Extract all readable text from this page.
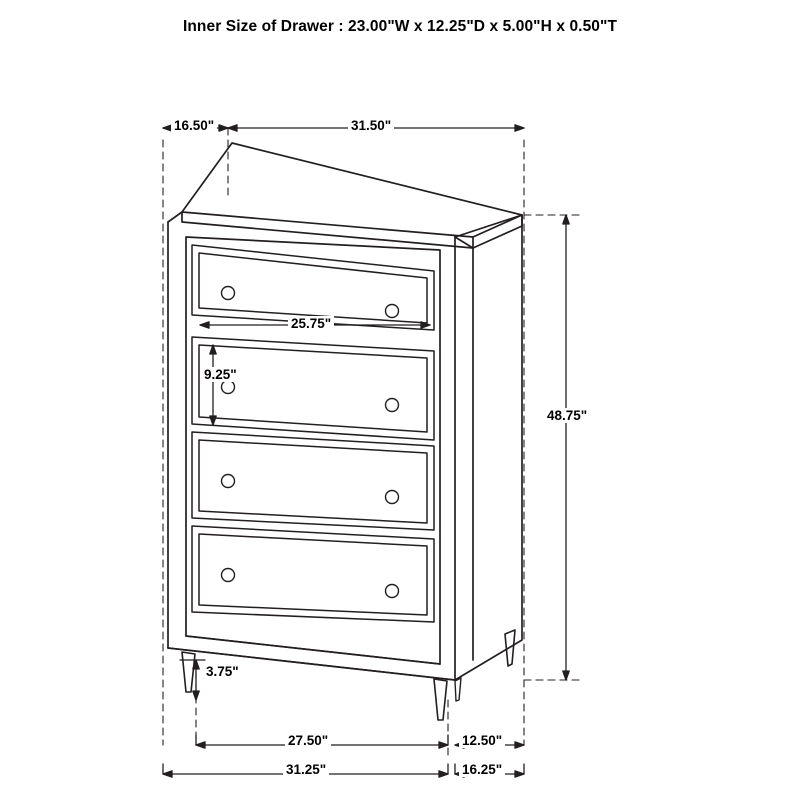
Inner Size of Drawer : 23.00"W x 12.25"D x 5.00"H x 0.50"T
16.50"	31.50"
25.75"
9.25"
48.75"
3.75"
27.50"	12.50"
31.25"	16.25"
